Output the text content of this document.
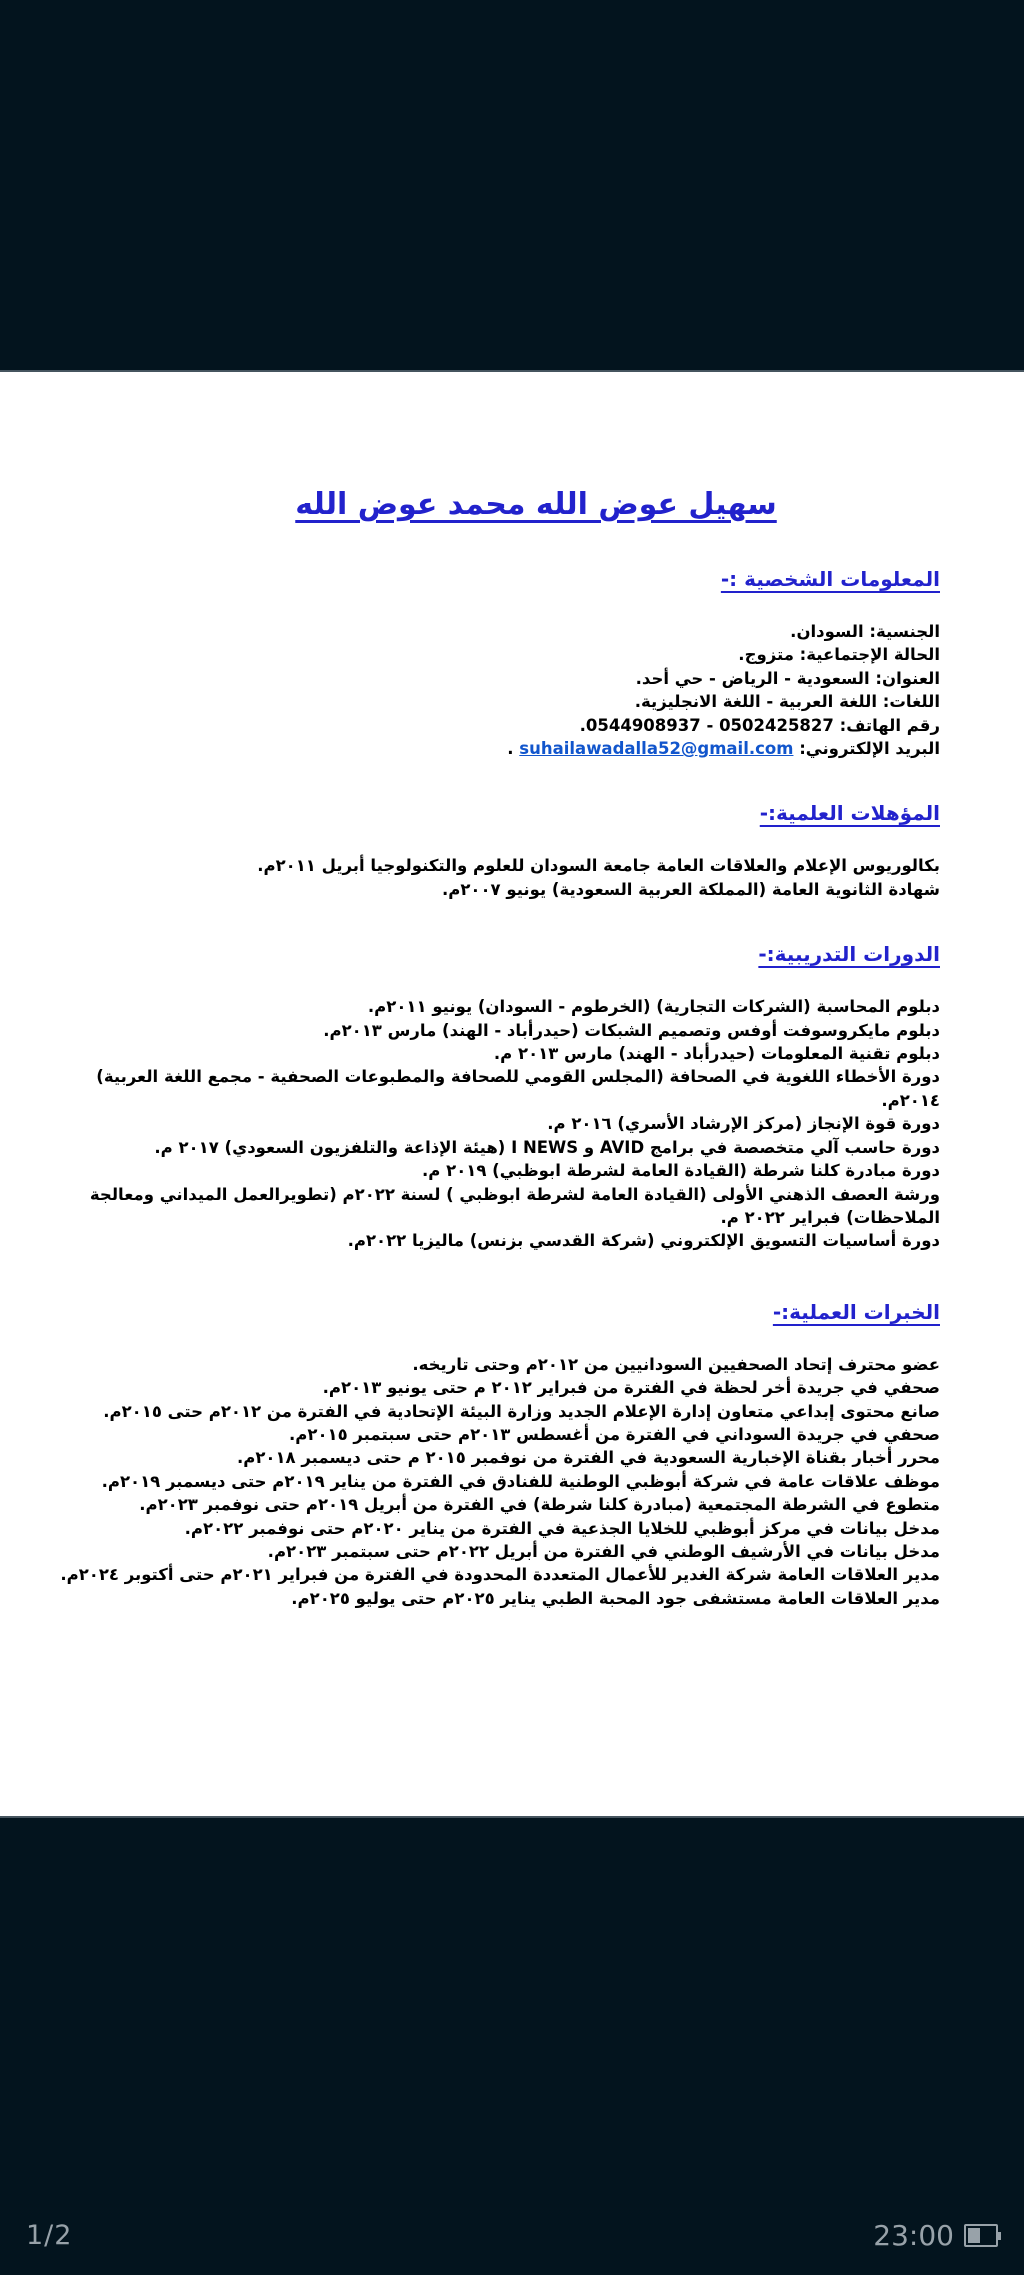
سهيل عوض الله محمد عوض الله
المعلومات الشخصية :-

الجنسية: السودان.

الحالة الإجتماعية: متزوج.

العنوان: السعودية - الرياض - حي أحد.

اللغات: اللغة العربية - اللغة الانجليزية.

رقم الهاتف: 0502425827 - 0544908937.

البريد الإلكتروني: suhailawadalla52@gmail.com .

المؤهلات العلمية:-

بكالوريوس الإعلام والعلاقات العامة جامعة السودان للعلوم والتكنولوجيا أبريل ٢٠١١م.

شهادة الثانوية العامة (المملكة العربية السعودية) يونيو ٢٠٠٧م.

الدورات التدريبية:-

دبلوم المحاسبة (الشركات التجارية) (الخرطوم - السودان) يونيو ٢٠١١م.

دبلوم مايكروسوفت أوفس وتصميم الشبكات (حيدرأباد - الهند) مارس ٢٠١٣م.

دبلوم تقنية المعلومات (حيدرأباد - الهند) مارس ٢٠١٣ م.

دورة الأخطاء اللغوية في الصحافة (المجلس القومي للصحافة والمطبوعات الصحفية - مجمع اللغة العربية) ٢٠١٤م.

دورة قوة الإنجاز (مركز الإرشاد الأسري) ٢٠١٦ م.

دورة حاسب آلي متخصصة في برامج AVID و I NEWS (هيئة الإذاعة والتلفزيون السعودي) ٢٠١٧ م.

دورة مبادرة كلنا شرطة (القيادة العامة لشرطة ابوظبي) ٢٠١٩ م.

ورشة العصف الذهني الأولى (القيادة العامة لشرطة ابوظبي ) لسنة ٢٠٢٢م (تطويرالعمل الميداني ومعالجة الملاحظات) فبراير ٢٠٢٢ م.

دورة أساسيات التسويق الإلكتروني (شركة القدسي بزنس) ماليزيا ٢٠٢٢م.

الخبرات العملية:-

عضو محترف إتحاد الصحفيين السودانيين من ٢٠١٢م وحتى تاريخه.

صحفي في جريدة أخر لحظة في الفترة من فبراير ٢٠١٢ م حتى يونيو ٢٠١٣م.

صانع محتوى إبداعي متعاون إدارة الإعلام الجديد وزارة البيئة الإتحادية في الفترة من ٢٠١٢م حتى ٢٠١٥م.

صحفي في جريدة السوداني في الفترة من أغسطس ٢٠١٣م حتى سبتمبر ٢٠١٥م.

محرر أخبار بقناة الإخبارية السعودية في الفترة من نوفمبر ٢٠١٥ م حتى ديسمبر ٢٠١٨م.

موظف علاقات عامة في شركة أبوظبي الوطنية للفنادق في الفترة من يناير ٢٠١٩م حتى ديسمبر ٢٠١٩م.

متطوع في الشرطة المجتمعية (مبادرة كلنا شرطة) في الفترة من أبريل ٢٠١٩م حتى نوفمبر ٢٠٢٣م.

مدخل بيانات في مركز أبوظبي للخلايا الجذعية في الفترة من يناير ٢٠٢٠م حتى نوفمبر ٢٠٢٢م.

مدخل بيانات في الأرشيف الوطني في الفترة من أبريل ٢٠٢٢م حتى سبتمبر ٢٠٢٣م.

مدير العلاقات العامة شركة الغدير للأعمال المتعددة المحدودة في الفترة من فبراير ٢٠٢١م حتى أكتوبر ٢٠٢٤م.

مدير العلاقات العامة مستشفى جود المحبة الطبي يناير ٢٠٢٥م حتى يوليو ٢٠٢٥م.

1/2	23:00
